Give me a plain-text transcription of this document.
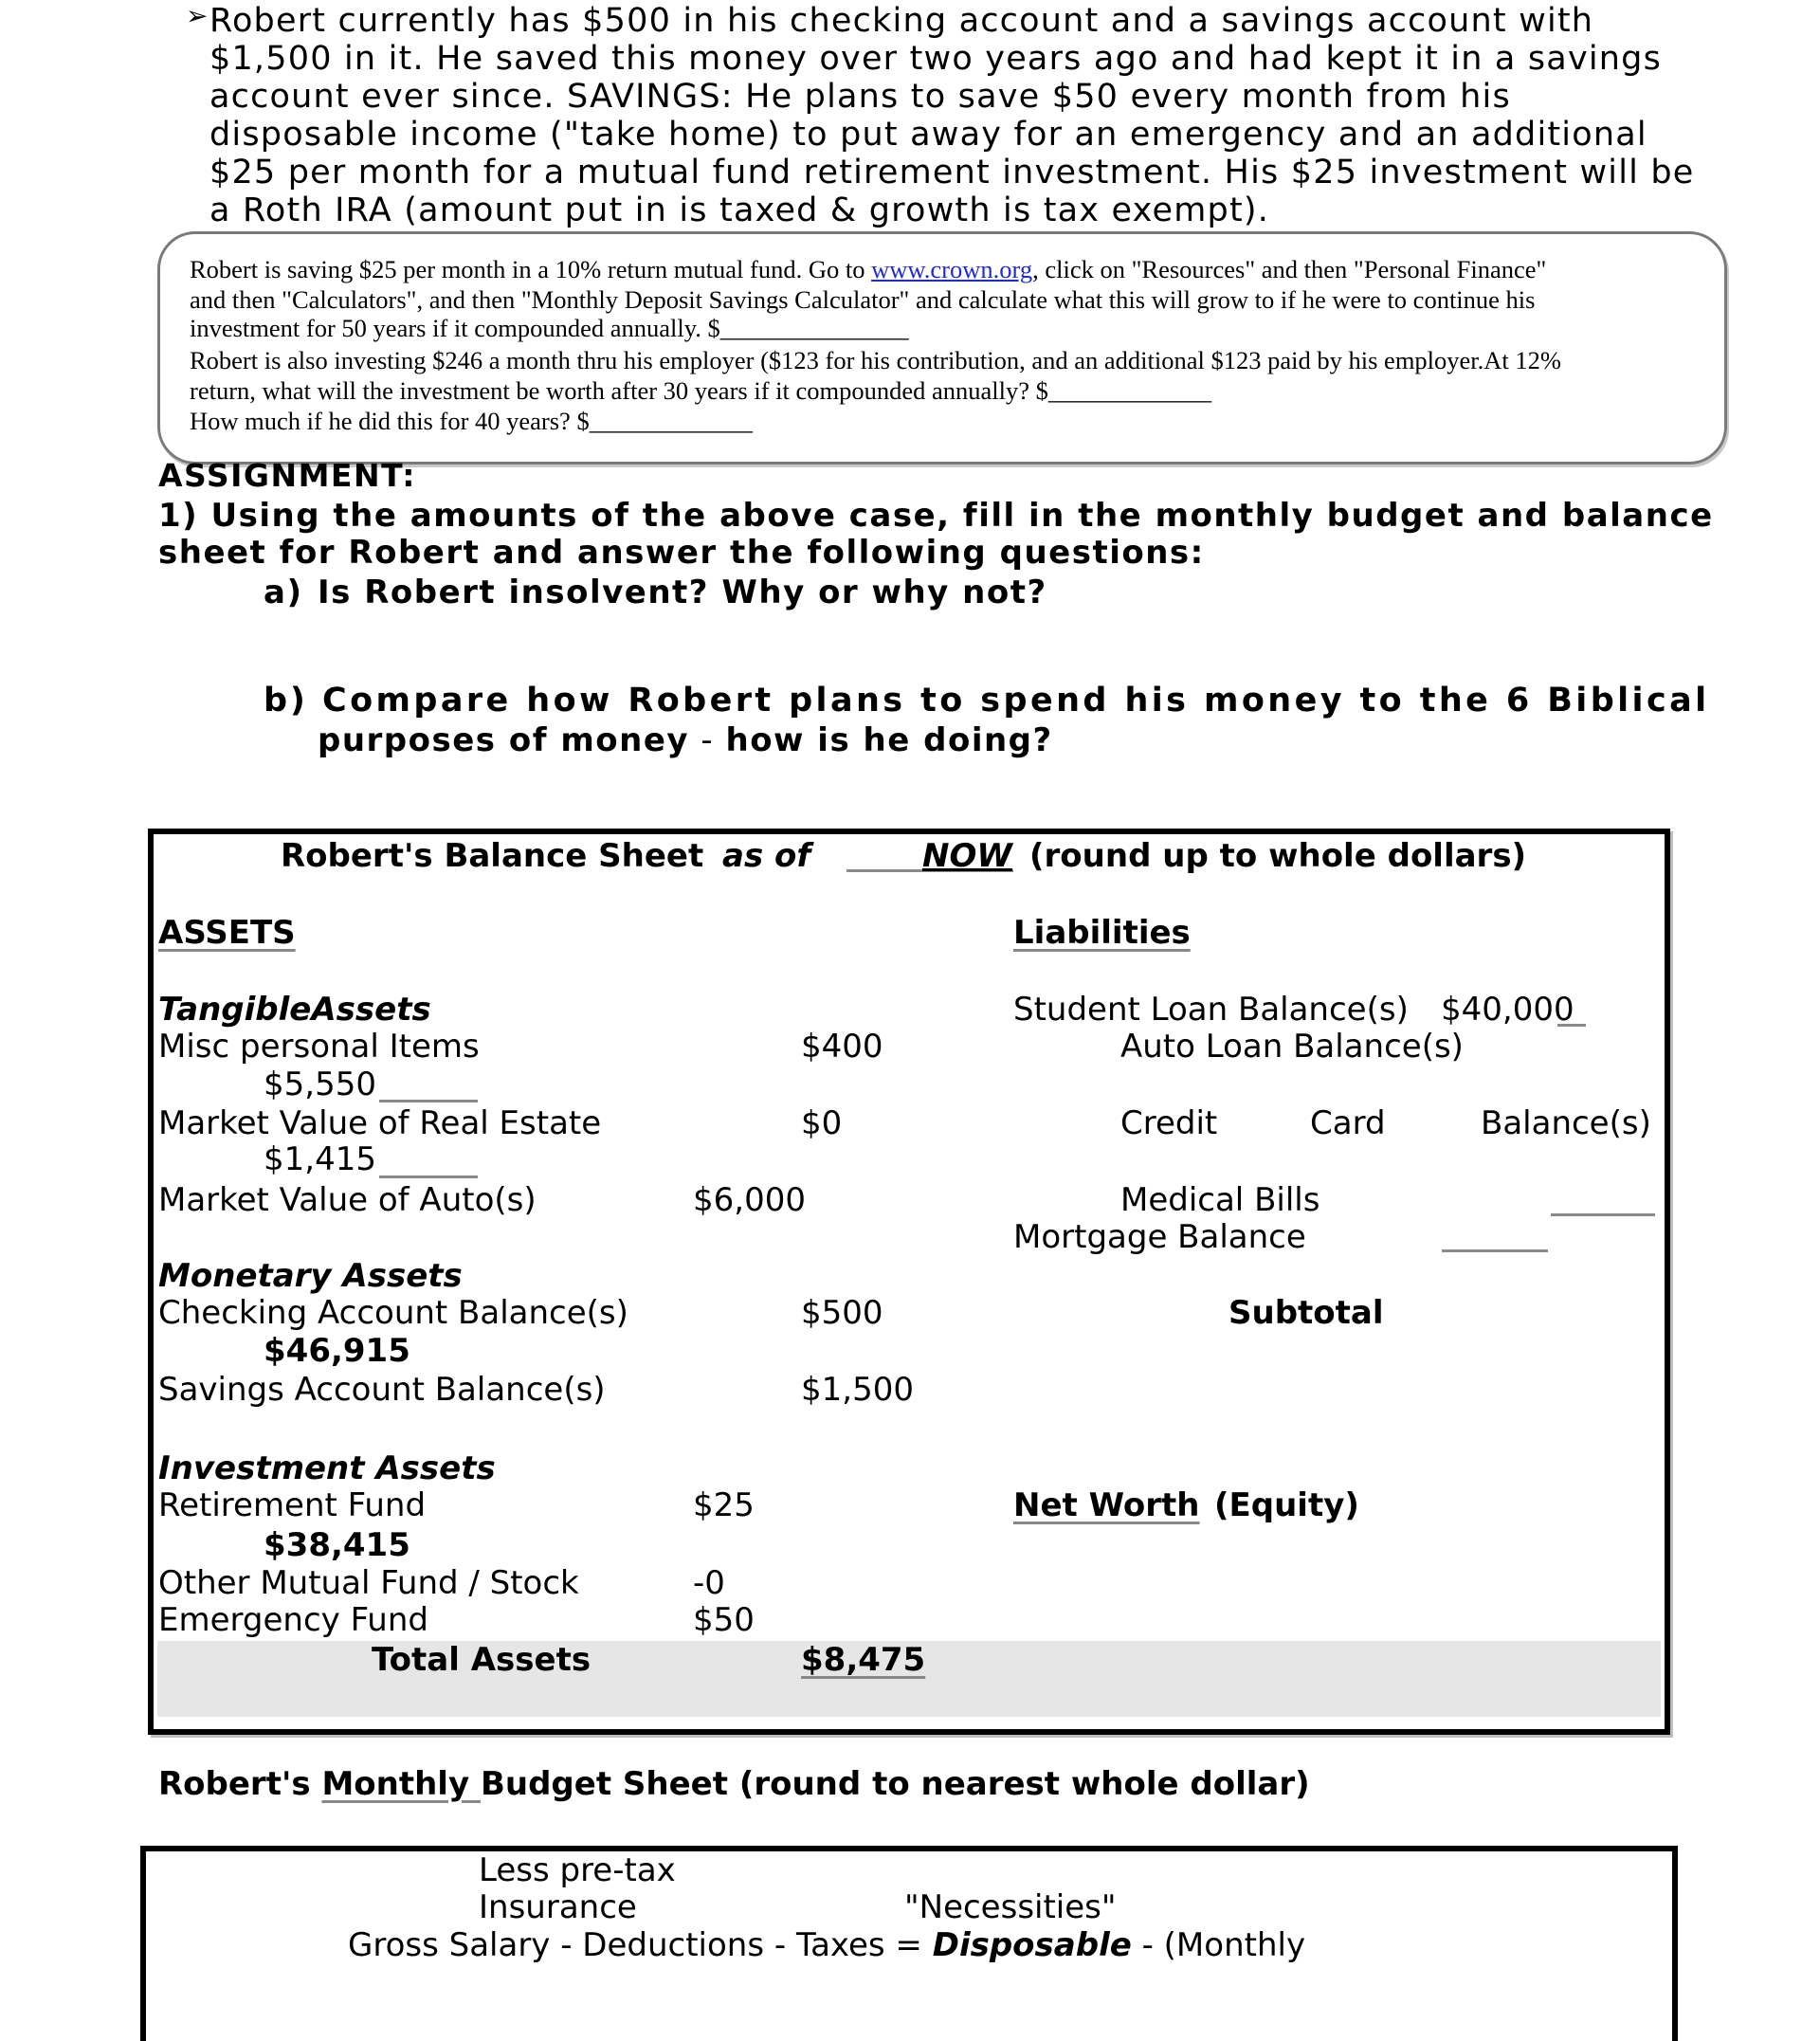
➢ Robert currently has $500 in his checking account and a savings account with
$1,500 in it. He saved this money over two years ago and had kept it in a savings
account ever since. SAVINGS: He plans to save $50 every month from his
disposable income ("take home) to put away for an emergency and an additional
$25 per month for a mutual fund retirement investment. His $25 investment will be
a Roth IRA (amount put in is taxed & growth is tax exempt).
Robert is saving $25 per month in a 10% return mutual fund. Go to www.crown.org, click on "Resources" and then "Personal Finance"
and then "Calculators", and then "Monthly Deposit Savings Calculator" and calculate what this will grow to if he were to continue his
investment for 50 years if it compounded annually. $_______________
Robert is also investing $246 a month thru his employer ($123 for his contribution, and an additional $123 paid by his employer.At 12%
return, what will the investment be worth after 30 years if it compounded annually? $_____________
How much if he did this for 40 years? $_____________
ASSIGNMENT:
1) Using the amounts of the above case, fill in the monthly budget and balance
sheet for Robert and answer the following questions:
a) Is Robert insolvent? Why or why not?
b) Compare how Robert plans to spend his money to the 6 Biblical
purposes of money - how is he doing?
Robert's Balance Sheet as of	NOW (round up to whole dollars)
ASSETS	Liabilities
TangibleAssets
Misc personal Items	$400
$5,550
Market Value of Real Estate	$0
$1,415
Market Value of Auto(s)	$6,000
Monetary Assets
Checking Account Balance(s)	$500
$46,915
Savings Account Balance(s)	$1,500
Investment Assets
Retirement Fund	$25
$38,415
Other Mutual Fund / Stock	-0
Emergency Fund	$50
Total Assets	$8,475
Student Loan Balance(s) $40,000
Auto Loan Balance(s)
Credit	Card	Balance(s)
Medical Bills
Mortgage Balance
Subtotal
Net Worth (Equity)
Robert's Monthly Budget Sheet (round to nearest whole dollar)
Less pre-tax
Insurance	"Necessities"
Gross Salary - Deductions - Taxes = Disposable - (Monthly
